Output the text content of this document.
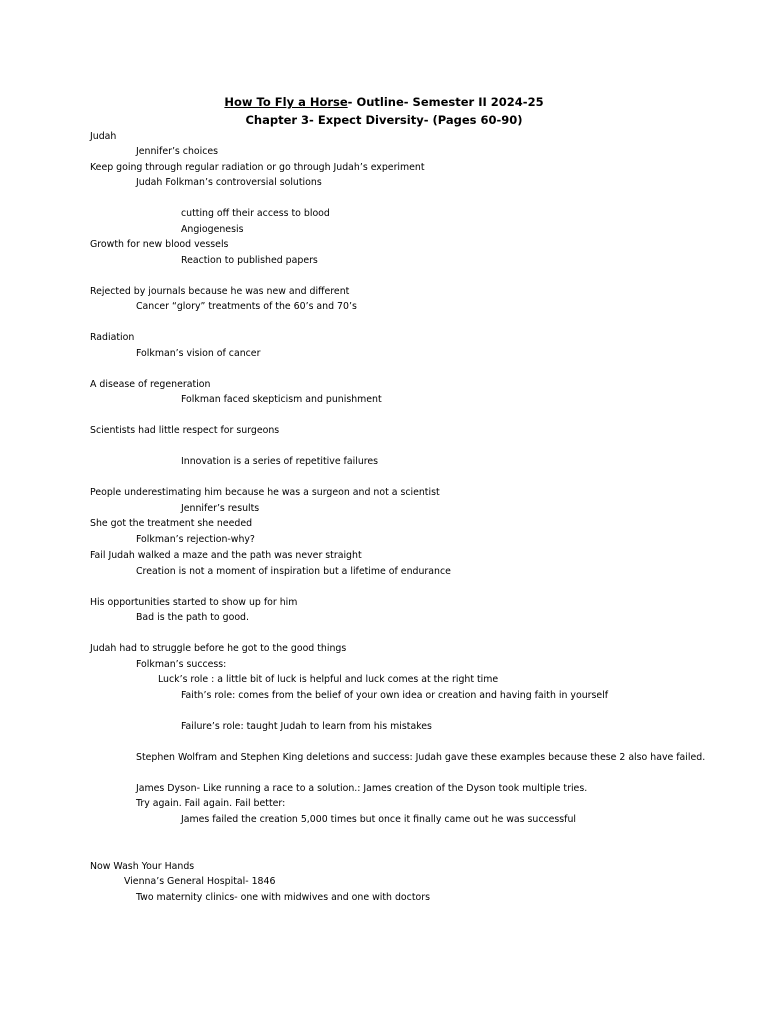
How To Fly a Horse- Outline- Semester II 2024-25
Chapter 3- Expect Diversity- (Pages 60-90)
Judah
Jennifer’s choices
Keep going through regular radiation or go through Judah’s experiment
Judah Folkman’s controversial solutions
cutting off their access to blood
Angiogenesis
Growth for new blood vessels
Reaction to published papers
Rejected by journals because he was new and different
Cancer “glory” treatments of the 60’s and 70’s
Radiation
Folkman’s vision of cancer
A disease of regeneration
Folkman faced skepticism and punishment
Scientists had little respect for surgeons
Innovation is a series of repetitive failures
People underestimating him because he was a surgeon and not a scientist
Jennifer’s results
She got the treatment she needed
Folkman’s rejection-why?
Fail Judah walked a maze and the path was never straight
Creation is not a moment of inspiration but a lifetime of endurance
His opportunities started to show up for him
Bad is the path to good.
Judah had to struggle before he got to the good things
Folkman’s success:
Luck’s role : a little bit of luck is helpful and luck comes at the right time
Faith’s role: comes from the belief of your own idea or creation and having faith in yourself
Failure’s role: taught Judah to learn from his mistakes
Stephen Wolfram and Stephen King deletions and success: Judah gave these examples because these 2 also have failed.
James Dyson- Like running a race to a solution.: James creation of the Dyson took multiple tries.
Try again. Fail again. Fail better:
James failed the creation 5,000 times but once it finally came out he was successful
Now Wash Your Hands
Vienna’s General Hospital- 1846
Two maternity clinics- one with midwives and one with doctors
